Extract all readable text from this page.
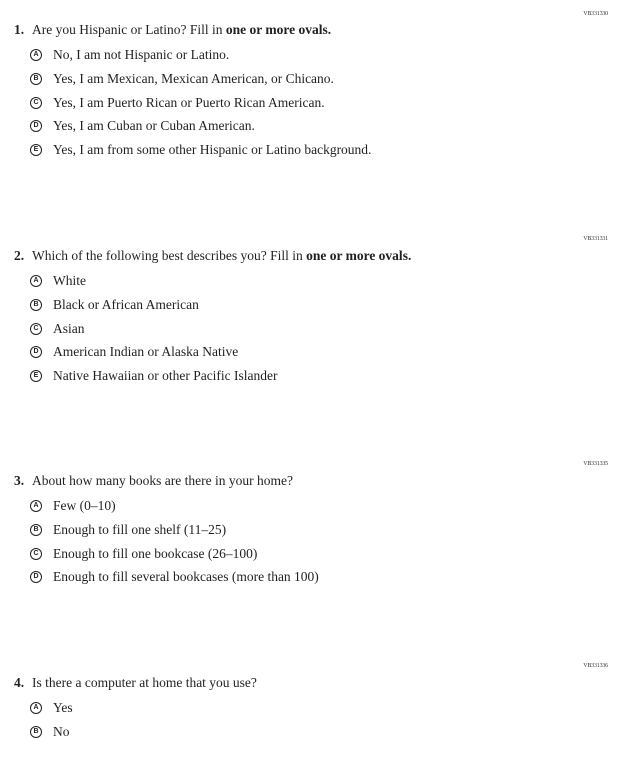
VB331330
1. Are you Hispanic or Latino? Fill in one or more ovals.
A No, I am not Hispanic or Latino.
B Yes, I am Mexican, Mexican American, or Chicano.
C Yes, I am Puerto Rican or Puerto Rican American.
D Yes, I am Cuban or Cuban American.
E Yes, I am from some other Hispanic or Latino background.
VB331331
2. Which of the following best describes you? Fill in one or more ovals.
A White
B Black or African American
C Asian
D American Indian or Alaska Native
E Native Hawaiian or other Pacific Islander
VB331335
3. About how many books are there in your home?
A Few (0–10)
B Enough to fill one shelf (11–25)
C Enough to fill one bookcase (26–100)
D Enough to fill several bookcases (more than 100)
VB331336
4. Is there a computer at home that you use?
A Yes
B No
